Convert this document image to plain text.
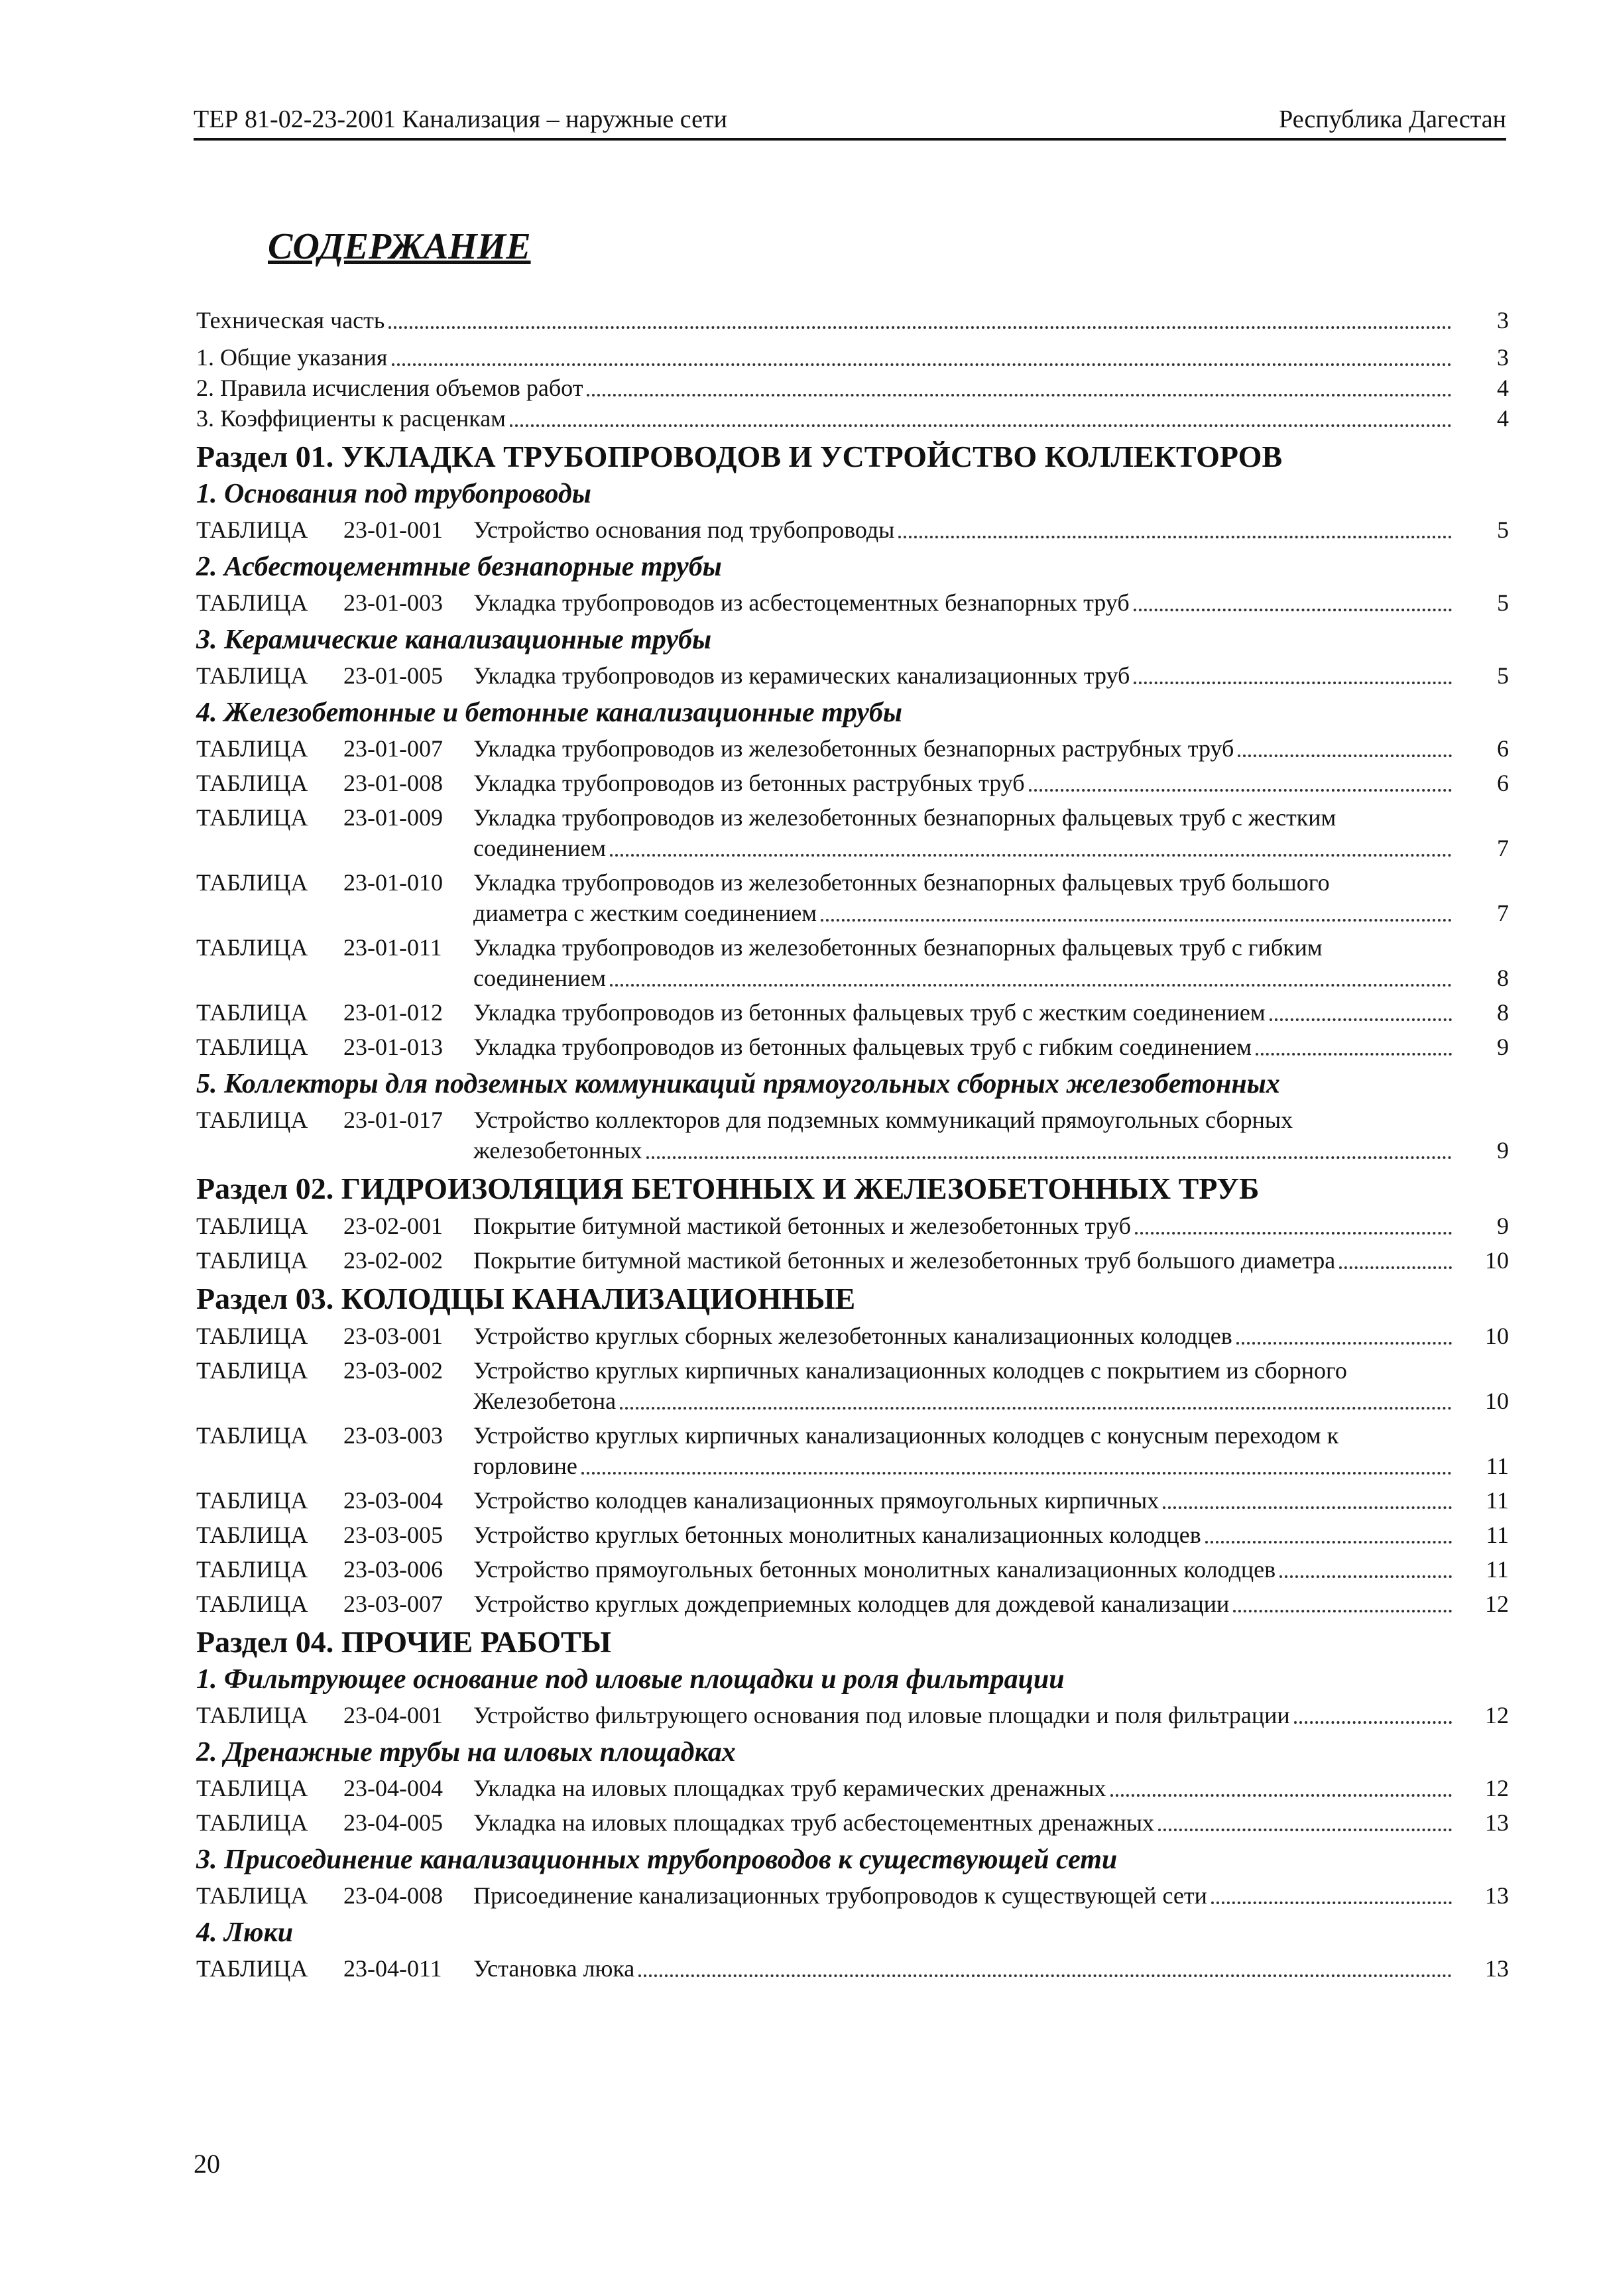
ТЕР 81-02-23-2001 Канализация – наружные сети	Республика Дагестан
СОДЕРЖАНИЕ
Техническая часть	3
1. Общие указания	3
2. Правила исчисления объемов работ	4
3. Коэффициенты к расценкам	4
Раздел 01. УКЛАДКА ТРУБОПРОВОДОВ И УСТРОЙСТВО КОЛЛЕКТОРОВ
1. Основания под трубопроводы
ТАБЛИЦА	23-01-001	Устройство основания под трубопроводы	5
2. Асбестоцементные безнапорные трубы
ТАБЛИЦА	23-01-003	Укладка трубопроводов из асбестоцементных безнапорных труб	5
3. Керамические канализационные трубы
ТАБЛИЦА	23-01-005	Укладка трубопроводов из керамических канализационных труб	5
4. Железобетонные и бетонные канализационные трубы
ТАБЛИЦА	23-01-007	Укладка трубопроводов из железобетонных безнапорных раструбных труб	6
ТАБЛИЦА	23-01-008	Укладка трубопроводов из бетонных раструбных труб	6
ТАБЛИЦА	23-01-009	Укладка трубопроводов из железобетонных безнапорных фальцевых труб с жестким
соединением	7
ТАБЛИЦА	23-01-010	Укладка трубопроводов из железобетонных безнапорных фальцевых труб большого
диаметра с жестким соединением	7
ТАБЛИЦА	23-01-011	Укладка трубопроводов из железобетонных безнапорных фальцевых труб с гибким
соединением	8
ТАБЛИЦА	23-01-012	Укладка трубопроводов из бетонных фальцевых труб с жестким соединением	8
ТАБЛИЦА	23-01-013	Укладка трубопроводов из бетонных фальцевых труб с гибким соединением	9
5. Коллекторы для подземных коммуникаций прямоугольных сборных железобетонных
ТАБЛИЦА	23-01-017	Устройство коллекторов для подземных коммуникаций прямоугольных сборных
железобетонных	9
Раздел 02. ГИДРОИЗОЛЯЦИЯ БЕТОННЫХ И ЖЕЛЕЗОБЕТОННЫХ ТРУБ
ТАБЛИЦА	23-02-001	Покрытие битумной мастикой бетонных и железобетонных труб	9
ТАБЛИЦА	23-02-002	Покрытие битумной мастикой бетонных и железобетонных труб большого диаметра	10
Раздел 03. КОЛОДЦЫ КАНАЛИЗАЦИОННЫЕ
ТАБЛИЦА	23-03-001	Устройство круглых сборных железобетонных канализационных колодцев	10
ТАБЛИЦА	23-03-002	Устройство круглых кирпичных канализационных колодцев с покрытием из сборного
Железобетона	10
ТАБЛИЦА	23-03-003	Устройство круглых кирпичных канализационных колодцев с конусным переходом к
горловине	11
ТАБЛИЦА	23-03-004	Устройство колодцев канализационных прямоугольных кирпичных	11
ТАБЛИЦА	23-03-005	Устройство круглых бетонных монолитных канализационных колодцев	11
ТАБЛИЦА	23-03-006	Устройство прямоугольных бетонных монолитных канализационных колодцев	11
ТАБЛИЦА	23-03-007	Устройство круглых дождеприемных колодцев для дождевой канализации	12
Раздел 04. ПРОЧИЕ РАБОТЫ
1. Фильтрующее основание под иловые площадки и роля фильтрации
ТАБЛИЦА	23-04-001	Устройство фильтрующего основания под иловые площадки и поля фильтрации	12
2. Дренажные трубы на иловых площадках
ТАБЛИЦА	23-04-004	Укладка на иловых площадках труб керамических дренажных	12
ТАБЛИЦА	23-04-005	Укладка на иловых площадках труб асбестоцементных дренажных	13
3. Присоединение канализационных трубопроводов к существующей сети
ТАБЛИЦА	23-04-008	Присоединение канализационных трубопроводов к существующей сети	13
4. Люки
ТАБЛИЦА	23-04-011	Установка люка	13
20
